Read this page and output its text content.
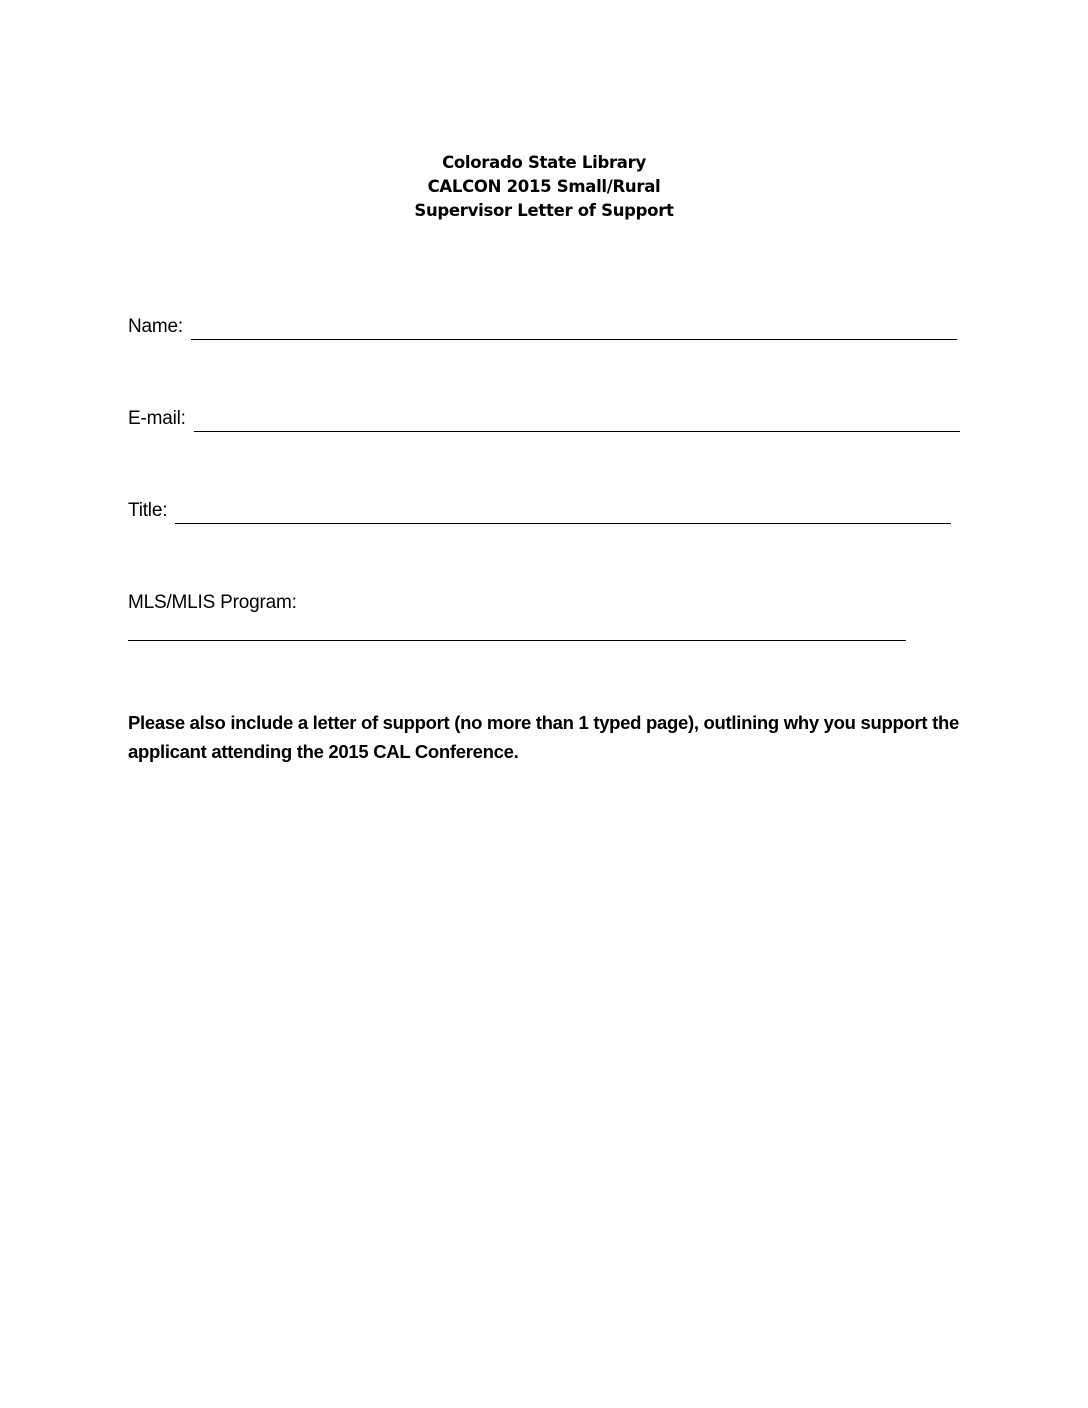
Colorado State Library
CALCON 2015 Small/Rural
Supervisor Letter of Support
Name:
E-mail:
Title:
MLS/MLIS Program:
Please also include a letter of support (no more than 1 typed page), outlining why you support the applicant attending the 2015 CAL Conference.
